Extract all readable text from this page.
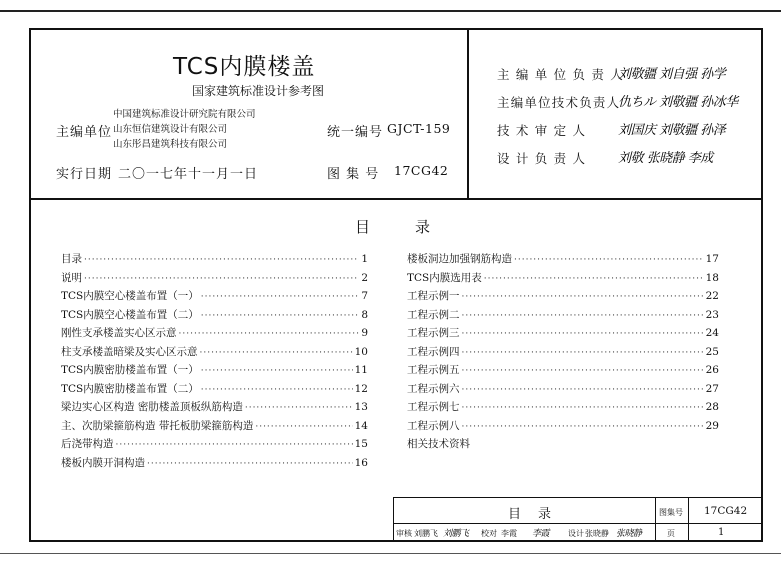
TCS内膜楼盖
国家建筑标准设计参考图
主编单位
中国建筑标准设计研究院有限公司
山东恒信建筑设计有限公司
山东彤昌建筑科技有限公司
统一编号 GJCT-159
实行日期 二〇一七年十一月一日	图 集 号 17CG42
主 编 单 位 负 责 人
刘敬疆 刘自强 孙学
主编单位技术负责人
仇ちル 刘敬疆 孙冰华
技 术 审 定 人 刘国庆 刘敬疆 孙泽
设 计 负 责 人 刘敬 张晓静 李成
目	录
目录 ·····	1
说明 ·····	2
TCS内膜空心楼盖布置（一） ·····	7
TCS内膜空心楼盖布置（二） ·····	8
刚性支承楼盖实心区示意 ·····	9
柱支承楼盖暗梁及实心区示意 ·····	10
TCS内膜密肋楼盖布置（一） ·····	11
TCS内膜密肋楼盖布置（二） ·····	12
梁边实心区构造 密肋楼盖顶板纵筋构造 ·····	13
主、次肋梁箍筋构造 带托板肋梁箍筋构造 ·····	14
后浇带构造 ·····	15
楼板内膜开洞构造 ·····	16
楼板洞边加强钢筋构造 ·····	17
TCS内膜选用表 ·····	18
工程示例一 ·····	22
工程示例二 ·····	23
工程示例三 ·····	24
工程示例四 ·····	25
工程示例五 ·····	26
工程示例六 ·····	27
工程示例七 ·····	28
工程示例八 ·····	29
相关技术资料
目 录	图集号 17CG42
页	1
审核 刘鹏飞 刘鹏飞 校对 李霞 李霞 设计 张晓静 张晓静
